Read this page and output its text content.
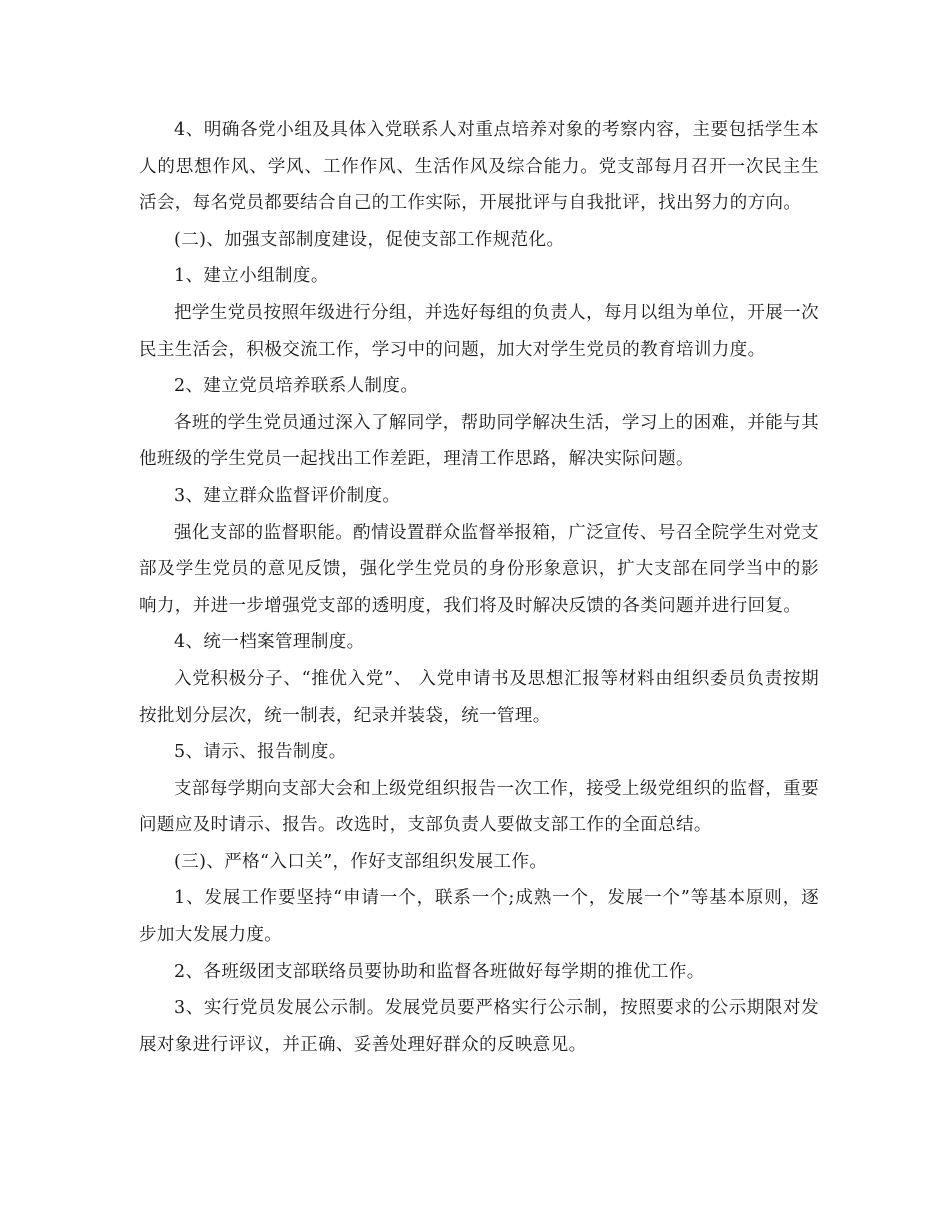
4、明确各党小组及具体入党联系人对重点培养对象的考察内容，主要包括学生本人的思想作风、学风、工作作风、生活作风及综合能力。党支部每月召开一次民主生活会，每名党员都要结合自己的工作实际，开展批评与自我批评，找出努力的方向。

(二)、加强支部制度建设，促使支部工作规范化。

1、建立小组制度。

把学生党员按照年级进行分组，并选好每组的负责人，每月以组为单位，开展一次民主生活会，积极交流工作，学习中的问题，加大对学生党员的教育培训力度。

2、建立党员培养联系人制度。

各班的学生党员通过深入了解同学，帮助同学解决生活，学习上的困难，并能与其他班级的学生党员一起找出工作差距，理清工作思路，解决实际问题。

3、建立群众监督评价制度。

强化支部的监督职能。酌情设置群众监督举报箱，广泛宣传、号召全院学生对党支部及学生党员的意见反馈，强化学生党员的身份形象意识，扩大支部在同学当中的影响力，并进一步增强党支部的透明度，我们将及时解决反馈的各类问题并进行回复。

4、统一档案管理制度。

入党积极分子、“推优入党”、 入党申请书及思想汇报等材料由组织委员负责按期按批划分层次，统一制表，纪录并装袋，统一管理。

5、请示、报告制度。

支部每学期向支部大会和上级党组织报告一次工作，接受上级党组织的监督，重要问题应及时请示、报告。改选时，支部负责人要做支部工作的全面总结。

(三)、严格“入口关”，作好支部组织发展工作。

1、发展工作要坚持“申请一个，联系一个;成熟一个，发展一个”等基本原则，逐步加大发展力度。

2、各班级团支部联络员要协助和监督各班做好每学期的推优工作。

3、实行党员发展公示制。发展党员要严格实行公示制，按照要求的公示期限对发展对象进行评议，并正确、妥善处理好群众的反映意见。
